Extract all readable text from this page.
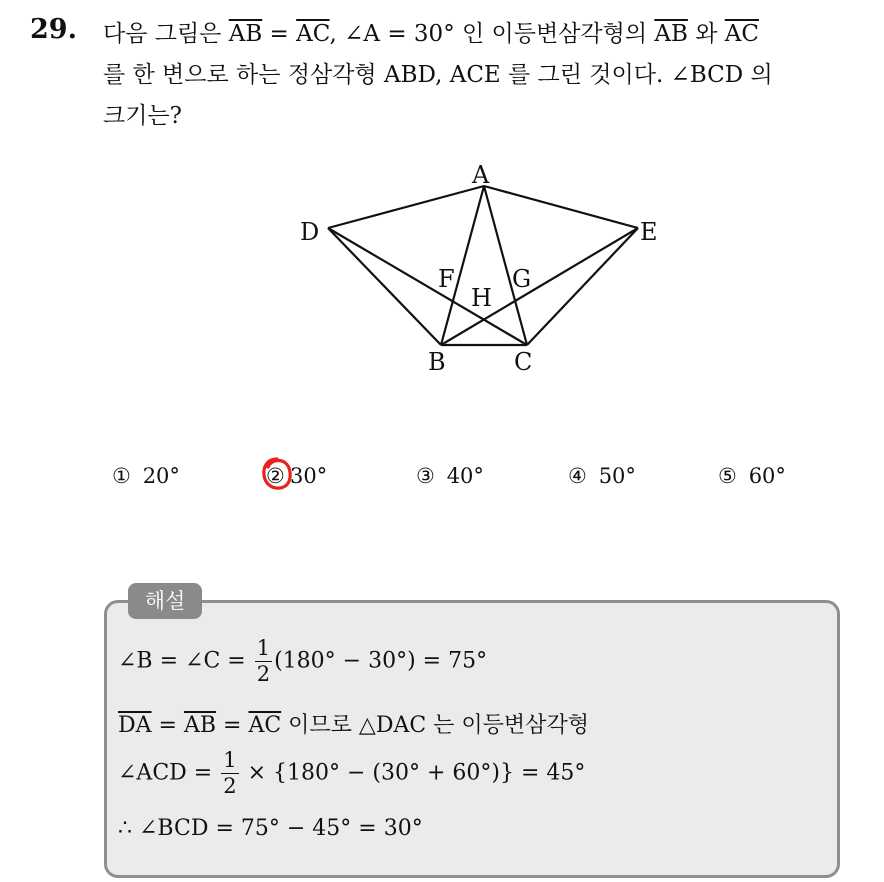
29. 다음 그림은 $\overline{AB} = \overline{AC}$, ∠A = 30° 인 이등변삼각형의 $\overline{AB}$ 와 $\overline{AC}$
를 한 변으로 하는 정삼각형 ABD, ACE 를 그린 것이다. ∠BCD 의
크기는?
A
D	E
F G
H
B	C
① 20°	② 30°	③ 40°	④ 50°	⑤ 60°
해설
∠B = ∠C = $\frac{1}{2} (180^\circ - 30^\circ) = 75^\circ$
$\overline{DA} = \overline{AB} = \overline{AC}$ 이므로 △DAC 는 이등변삼각형
∠ACD = $\frac{1}{2} \times \{180^\circ - (30^\circ + 60^\circ)\} = 45^\circ$
∴ ∠BCD = 75° − 45° = 30°
